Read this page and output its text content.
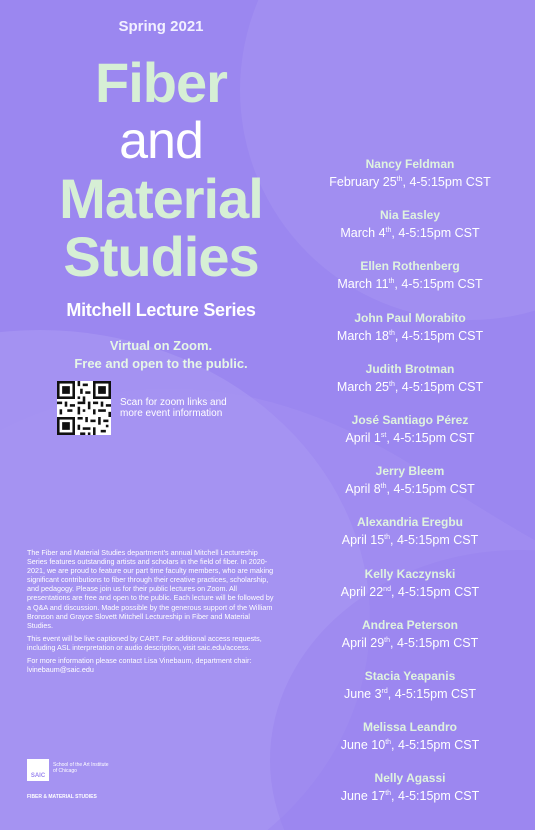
Spring 2021
Fiber
and
Material
Studies
Mitchell Lecture Series
Virtual on Zoom.
Free and open to the public.
Scan for zoom links and
more event information

The Fiber and Material Studies department's annual Mitchell Lectureship Series features outstanding artists and scholars in the field of fiber. In 2020-2021, we are proud to feature our part time faculty members, who are making significant contributions to fiber through their creative practices, scholarship, and pedagogy. Please join us for their public lectures on Zoom. All presentations are free and open to the public. Each lecture will be followed by a Q&A and discussion. Made possible by the generous support of the William Bronson and Grayce Slovett Mitchell Lectureship in Fiber and Material Studies.

This event will be live captioned by CART. For additional access requests, including ASL interpretation or audio description, visit saic.edu/access.

For more information please contact Lisa Vinebaum, department chair: lvinebaum@saic.edu

SAIC
School of the Art Institute of Chicago
FIBER & MATERIAL STUDIES
Nancy Feldman
February 25th, 4-5:15pm CST
Nia Easley
March 4th, 4-5:15pm CST
Ellen Rothenberg
March 11th, 4-5:15pm CST
John Paul Morabito
March 18th, 4-5:15pm CST
Judith Brotman
March 25th, 4-5:15pm CST
José Santiago Pérez
April 1st, 4-5:15pm CST
Jerry Bleem
April 8th, 4-5:15pm CST
Alexandria Eregbu
April 15th, 4-5:15pm CST
Kelly Kaczynski
April 22nd, 4-5:15pm CST
Andrea Peterson
April 29th, 4-5:15pm CST
Stacia Yeapanis
June 3rd, 4-5:15pm CST
Melissa Leandro
June 10th, 4-5:15pm CST
Nelly Agassi
June 17th, 4-5:15pm CST
